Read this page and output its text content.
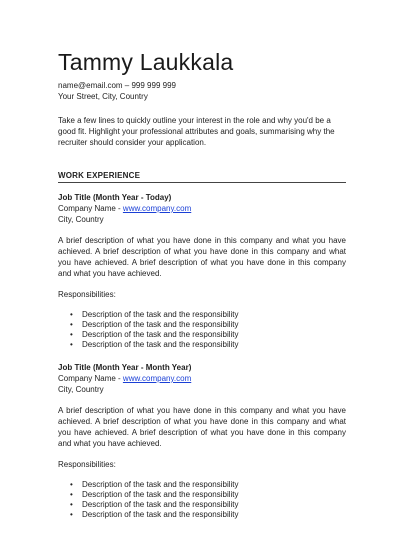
Tammy Laukkala

name@email.com – 999 999 999

Your Street, City, Country

Take a few lines to quickly outline your interest in the role and why you'd be a good fit. Highlight your professional attributes and goals, summarising why the recruiter should consider your application.

WORK EXPERIENCE

Job Title (Month Year - Today)

Company Name - www.company.com

City, Country

A brief description of what you have done in this company and what you have achieved. A brief description of what you have done in this company and what you have achieved. A brief description of what you have done in this company and what you have achieved.

Responsibilities:

• Description of the task and the responsibility
• Description of the task and the responsibility
• Description of the task and the responsibility
• Description of the task and the responsibility

Job Title (Month Year - Month Year)

Company Name - www.company.com

City, Country

A brief description of what you have done in this company and what you have achieved. A brief description of what you have done in this company and what you have achieved. A brief description of what you have done in this company and what you have achieved.

Responsibilities:

• Description of the task and the responsibility
• Description of the task and the responsibility
• Description of the task and the responsibility
• Description of the task and the responsibility
